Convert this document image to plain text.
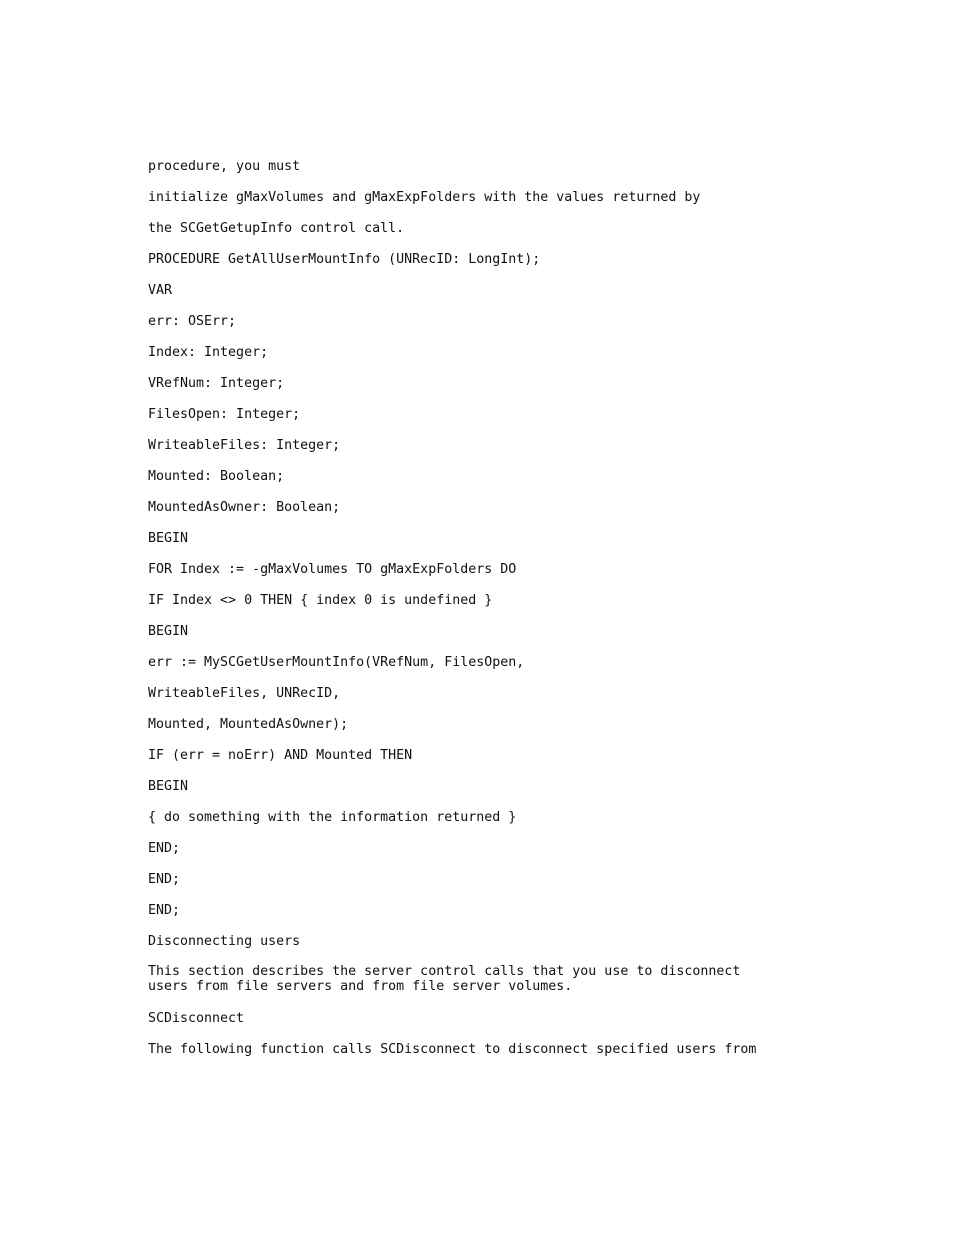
procedure, you must
initialize gMaxVolumes and gMaxExpFolders with the values returned by
the SCGetGetupInfo control call.
PROCEDURE GetAllUserMountInfo (UNRecID: LongInt);
VAR
err: OSErr;
Index: Integer;
VRefNum: Integer;
FilesOpen: Integer;
WriteableFiles: Integer;
Mounted: Boolean;
MountedAsOwner: Boolean;
BEGIN
FOR Index := -gMaxVolumes TO gMaxExpFolders DO
IF Index <> 0 THEN { index 0 is undefined }
BEGIN
err := MySCGetUserMountInfo(VRefNum, FilesOpen,
WriteableFiles, UNRecID,
Mounted, MountedAsOwner);
IF (err = noErr) AND Mounted THEN
BEGIN
{ do something with the information returned }
END;
END;
END;
Disconnecting users
This section describes the server control calls that you use to disconnect
users from file servers and from file server volumes.
SCDisconnect
The following function calls SCDisconnect to disconnect specified users from
